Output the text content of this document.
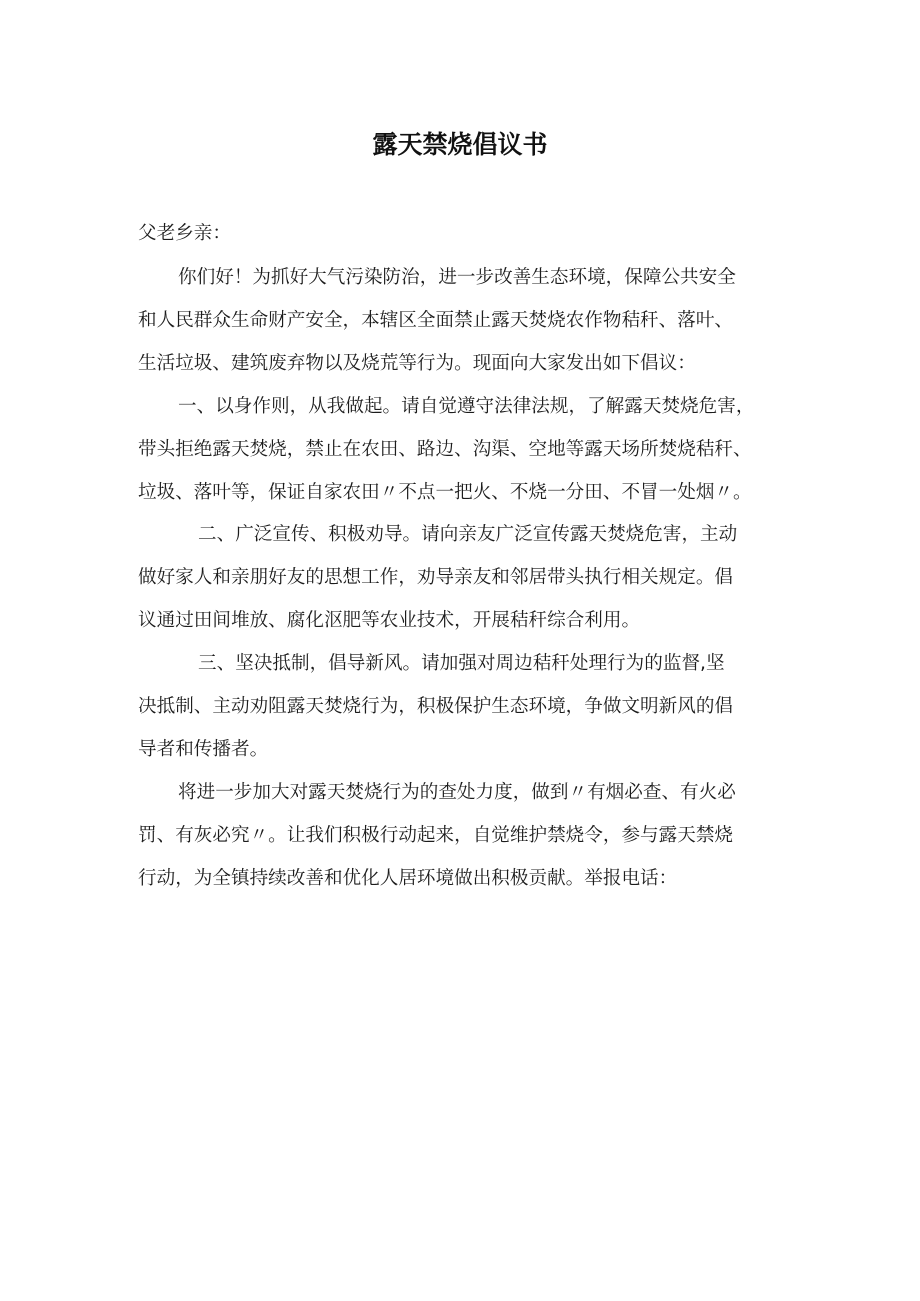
露天禁烧倡议书
父老乡亲：
你们好！为抓好大气污染防治，进一步改善生态环境，保障公共安全
和人民群众生命财产安全，本辖区全面禁止露天焚烧农作物秸秆、落叶、
生活垃圾、建筑废弃物以及烧荒等行为。现面向大家发出如下倡议：
一、以身作则，从我做起。请自觉遵守法律法规，了解露天焚烧危害，
带头拒绝露天焚烧，禁止在农田、路边、沟渠、空地等露天场所焚烧秸秆、
垃圾、落叶等，保证自家农田〃不点一把火、不烧一分田、不冒一处烟〃。
二、广泛宣传、积极劝导。请向亲友广泛宣传露天焚烧危害，主动
做好家人和亲朋好友的思想工作，劝导亲友和邻居带头执行相关规定。倡
议通过田间堆放、腐化沤肥等农业技术，开展秸秆综合利用。
三、坚决抵制，倡导新风。请加强对周边秸秆处理行为的监督,坚
决抵制、主动劝阻露天焚烧行为，积极保护生态环境，争做文明新风的倡
导者和传播者。
将进一步加大对露天焚烧行为的查处力度，做到〃有烟必查、有火必
罚、有灰必究〃。让我们积极行动起来，自觉维护禁烧令，参与露天禁烧
行动，为全镇持续改善和优化人居环境做出积极贡献。举报电话：
